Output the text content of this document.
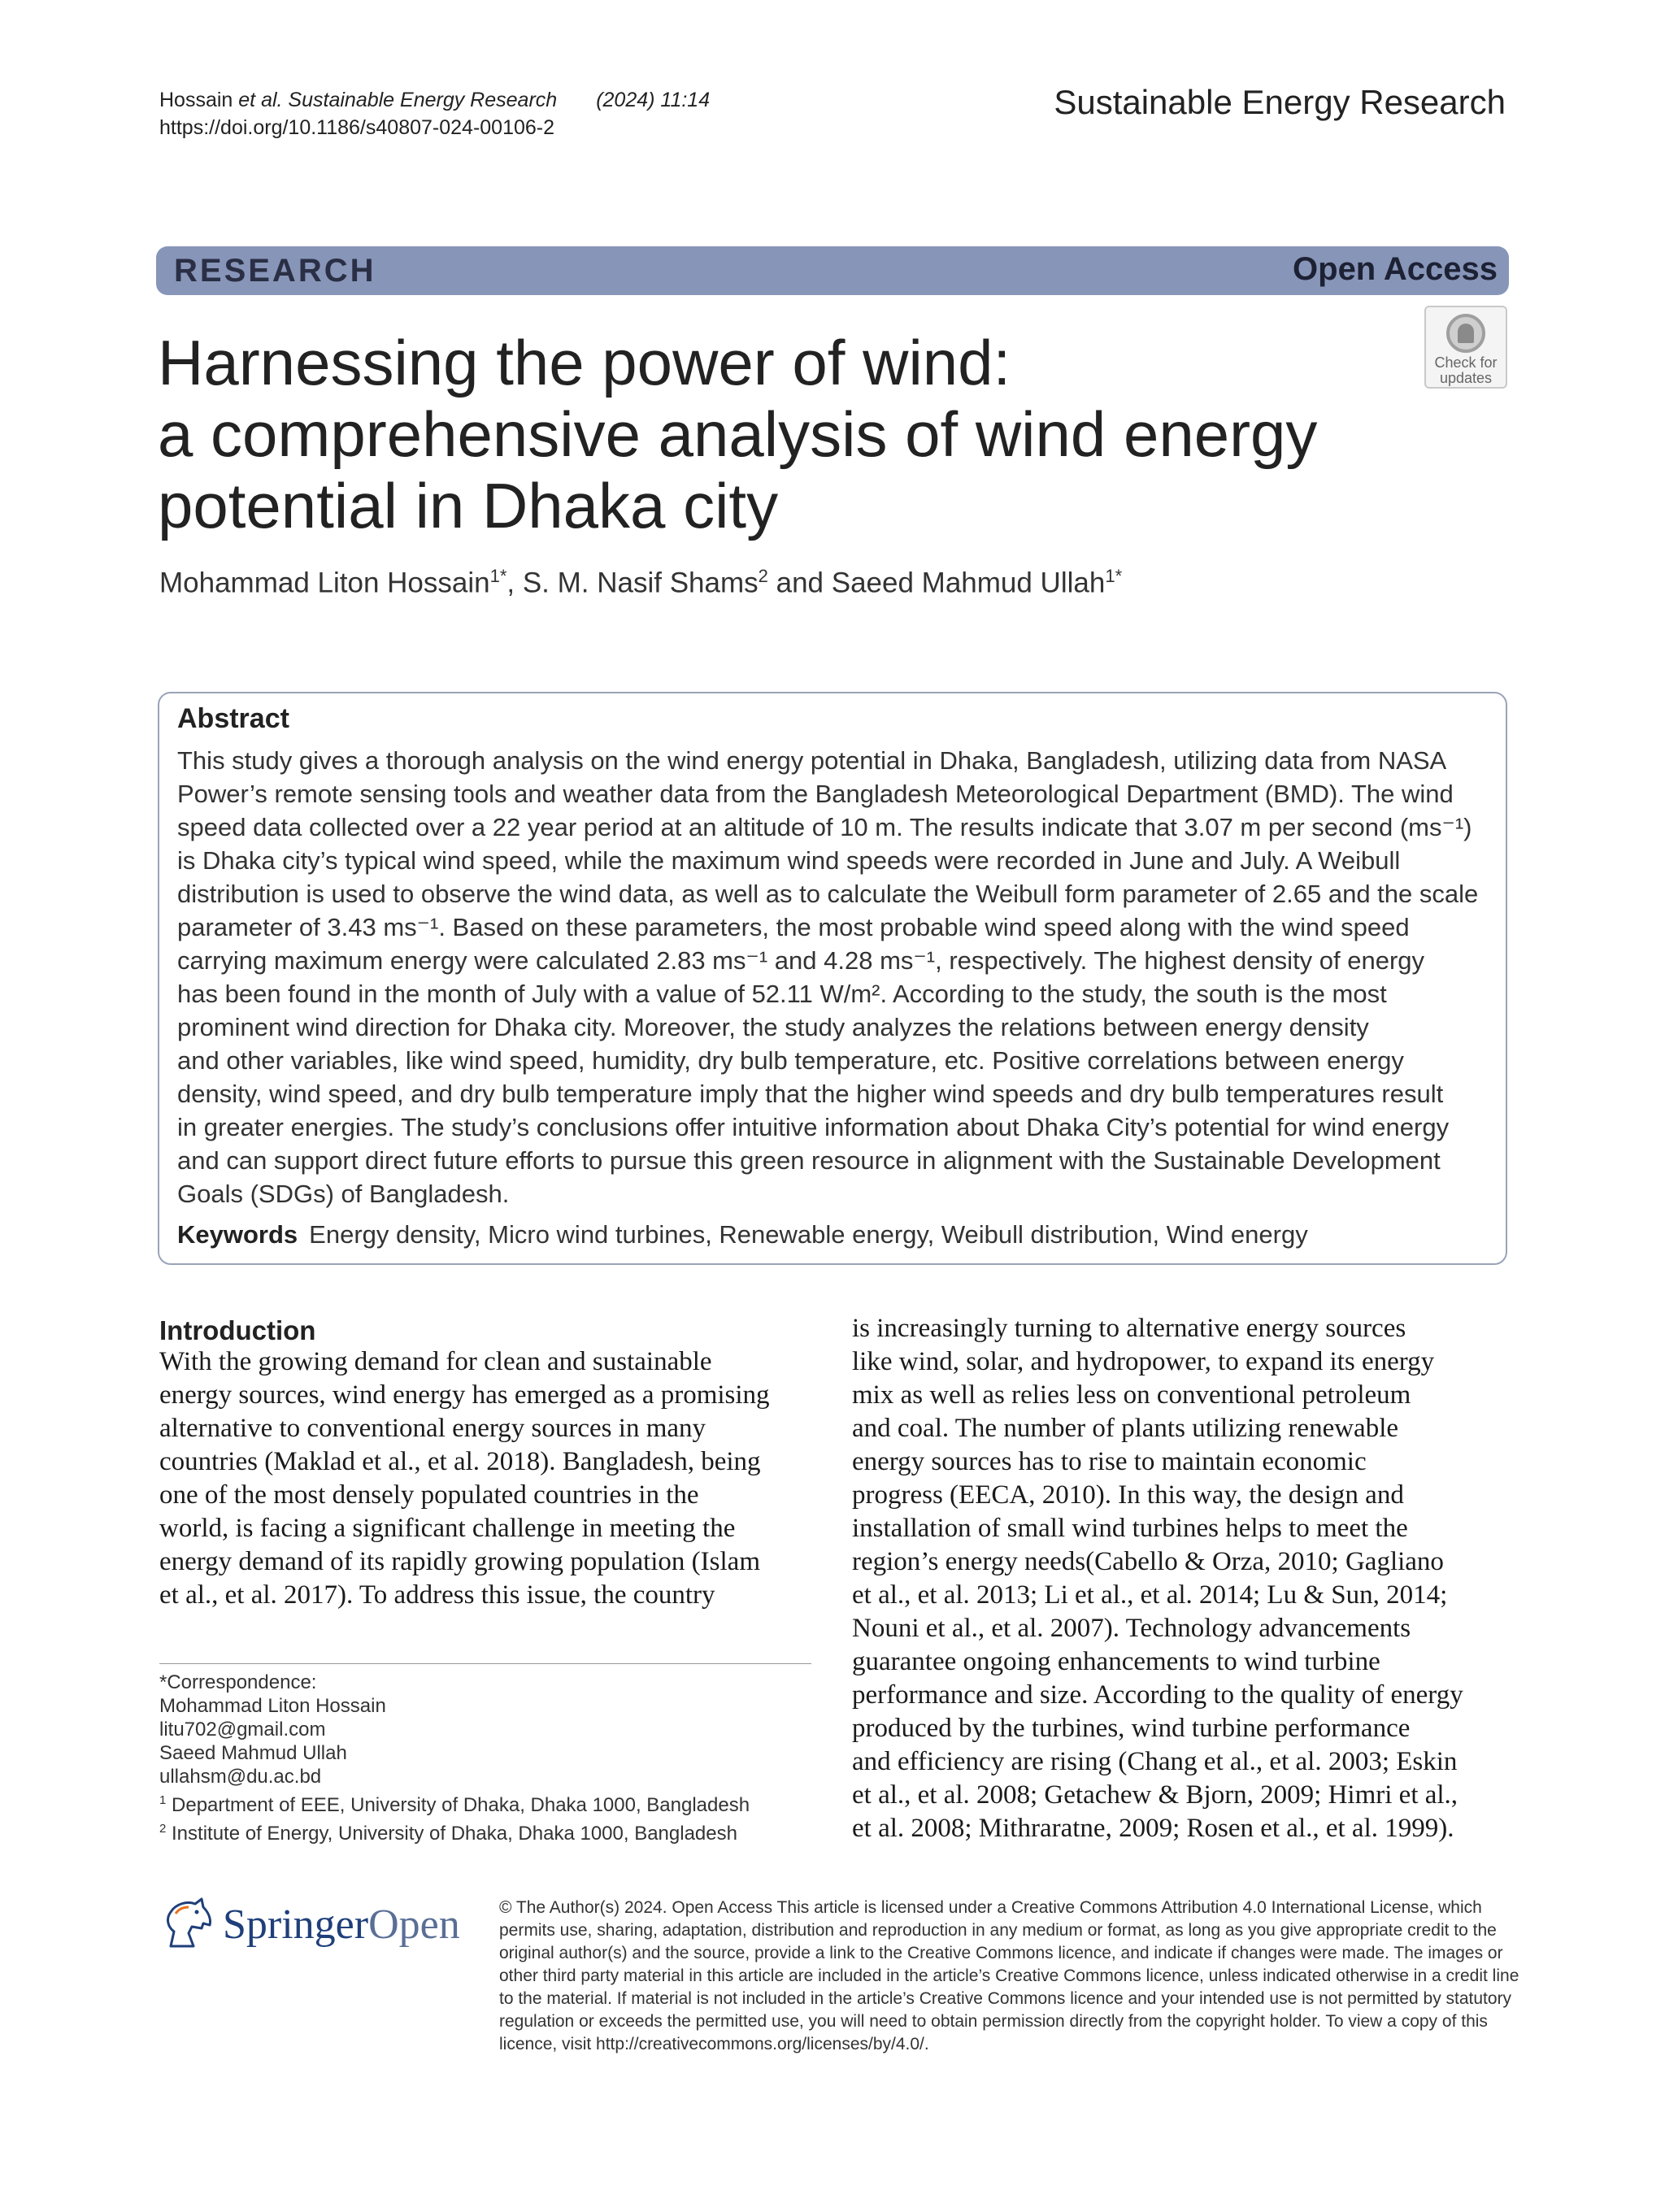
Hossain et al. Sustainable Energy Research (2024) 11:14
https://doi.org/10.1186/s40807-024-00106-2
Sustainable Energy Research
RESEARCH	Open Access
Check for
updates
Harnessing the power of wind:
a comprehensive analysis of wind energy
potential in Dhaka city
Mohammad Liton Hossain$^{1*}$, S. M. Nasif Shams$^2$ and Saeed Mahmud Ullah$^{1*}$
Abstract
This study gives a thorough analysis on the wind energy potential in Dhaka, Bangladesh, utilizing data from NASA
Power’s remote sensing tools and weather data from the Bangladesh Meteorological Department (BMD). The wind
speed data collected over a 22 year period at an altitude of 10 m. The results indicate that 3.07 m per second (ms⁻¹)
is Dhaka city’s typical wind speed, while the maximum wind speeds were recorded in June and July. A Weibull
distribution is used to observe the wind data, as well as to calculate the Weibull form parameter of 2.65 and the scale
parameter of 3.43 ms⁻¹. Based on these parameters, the most probable wind speed along with the wind speed
carrying maximum energy were calculated 2.83 ms⁻¹ and 4.28 ms⁻¹, respectively. The highest density of energy
has been found in the month of July with a value of 52.11 W/m². According to the study, the south is the most
prominent wind direction for Dhaka city. Moreover, the study analyzes the relations between energy density
and other variables, like wind speed, humidity, dry bulb temperature, etc. Positive correlations between energy
density, wind speed, and dry bulb temperature imply that the higher wind speeds and dry bulb temperatures result
in greater energies. The study’s conclusions offer intuitive information about Dhaka City’s potential for wind energy
and can support direct future efforts to pursue this green resource in alignment with the Sustainable Development
Goals (SDGs) of Bangladesh.
Keywords Energy density, Micro wind turbines, Renewable energy, Weibull distribution, Wind energy
Introduction
With the growing demand for clean and sustainable
energy sources, wind energy has emerged as a promising
alternative to conventional energy sources in many
countries (Maklad et al., et al. 2018). Bangladesh, being
one of the most densely populated countries in the
world, is facing a significant challenge in meeting the
energy demand of its rapidly growing population (Islam
et al., et al. 2017). To address this issue, the country
is increasingly turning to alternative energy sources
like wind, solar, and hydropower, to expand its energy
mix as well as relies less on conventional petroleum
and coal. The number of plants utilizing renewable
energy sources has to rise to maintain economic
progress (EECA, 2010). In this way, the design and
installation of small wind turbines helps to meet the
region’s energy needs(Cabello & Orza, 2010; Gagliano
et al., et al. 2013; Li et al., et al. 2014; Lu & Sun, 2014;
Nouni et al., et al. 2007). Technology advancements
guarantee ongoing enhancements to wind turbine
performance and size. According to the quality of energy
produced by the turbines, wind turbine performance
and efficiency are rising (Chang et al., et al. 2003; Eskin
et al., et al. 2008; Getachew & Bjorn, 2009; Himri et al.,
et al. 2008; Mithraratne, 2009; Rosen et al., et al. 1999).
*Correspondence:
Mohammad Liton Hossain
litu702@gmail.com
Saeed Mahmud Ullah
ullahsm@du.ac.bd
$^1$ Department of EEE, University of Dhaka, Dhaka 1000, Bangladesh
$^2$ Institute of Energy, University of Dhaka, Dhaka 1000, Bangladesh
SpringerOpen © The Author(s) 2024. Open Access This article is licensed under a Creative Commons Attribution 4.0 International License, which
permits use, sharing, adaptation, distribution and reproduction in any medium or format, as long as you give appropriate credit to the
original author(s) and the source, provide a link to the Creative Commons licence, and indicate if changes were made. The images or
other third party material in this article are included in the article’s Creative Commons licence, unless indicated otherwise in a credit line
to the material. If material is not included in the article’s Creative Commons licence and your intended use is not permitted by statutory
regulation or exceeds the permitted use, you will need to obtain permission directly from the copyright holder. To view a copy of this
licence, visit http://creativecommons.org/licenses/by/4.0/.
